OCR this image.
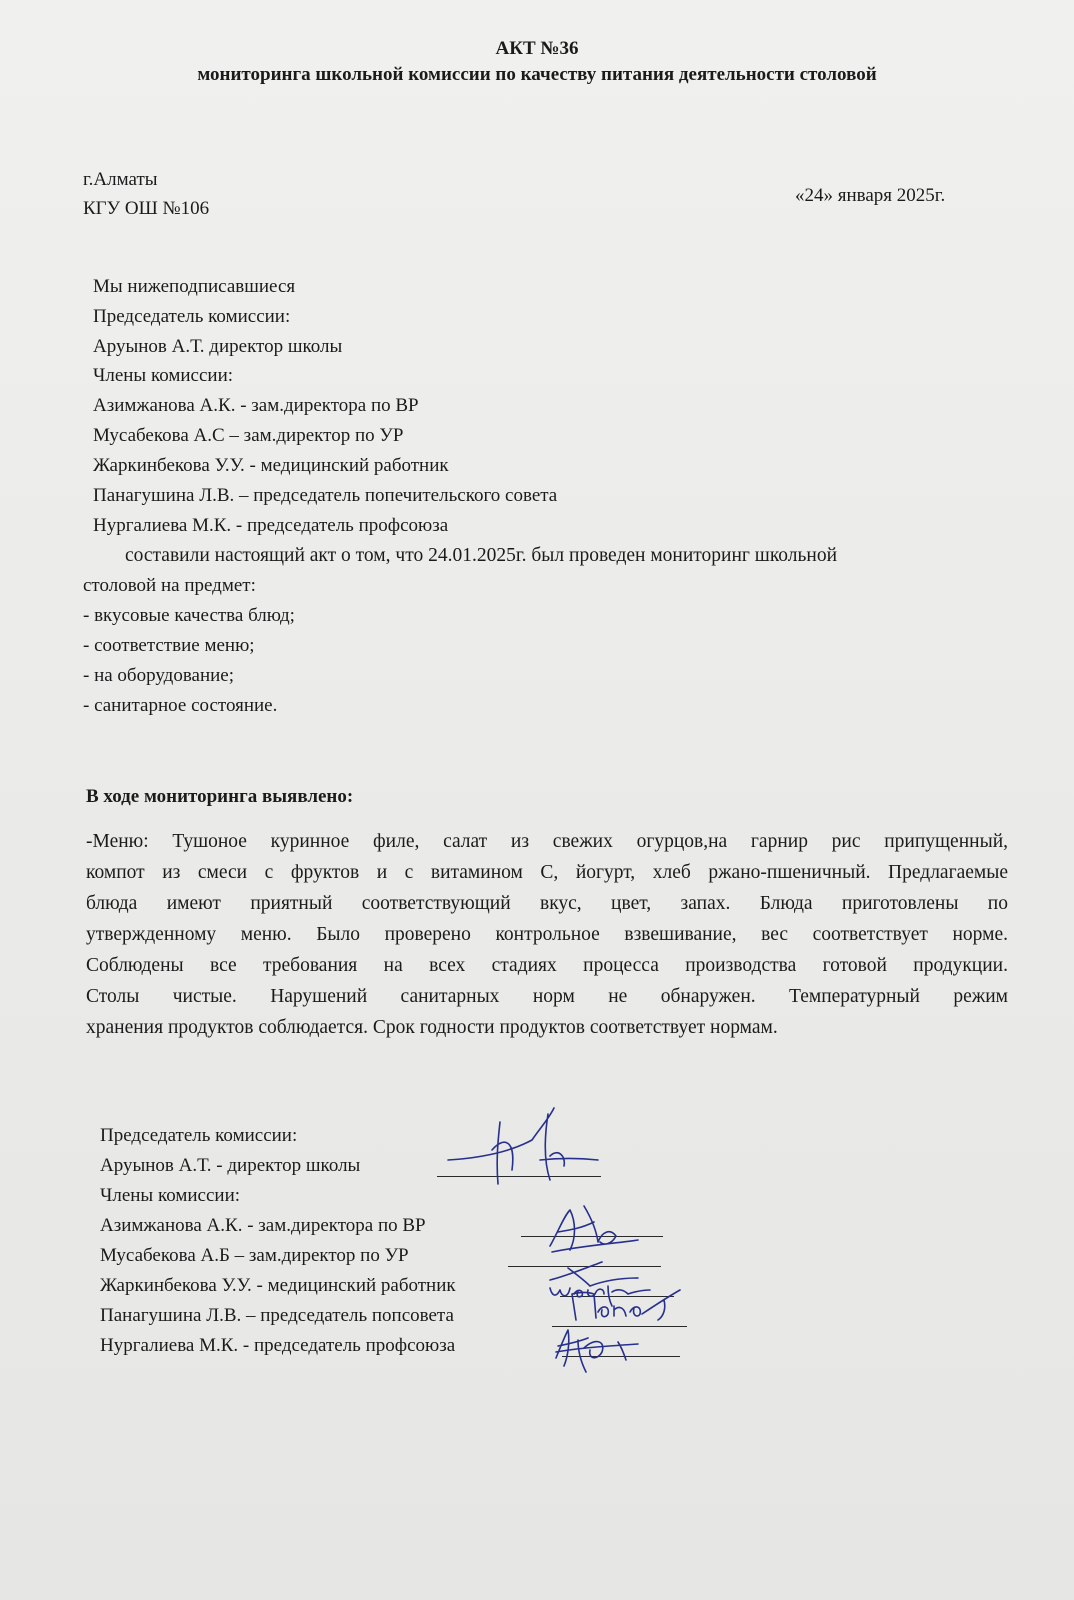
АКТ №36
мониторинга школьной комиссии по качеству питания деятельности столовой
г.Алматы
КГУ ОШ №106
«24» января 2025г.
Мы нижеподписавшиеся
Председатель комиссии:
Аруынов А.Т. директор школы
Члены комиссии:
Азимжанова А.К. - зам.директора по ВР
Мусабекова А.С – зам.директор по УР
Жаркинбекова У.У. - медицинский работник
Панагушина Л.В. – председатель попечительского совета
Нургалиева М.К. - председатель профсоюза
составили настоящий акт о том, что 24.01.2025г. был проведен мониторинг школьной
столовой на предмет:
- вкусовые качества блюд;
- соответствие меню;
- на оборудование;
- санитарное состояние.
В ходе мониторинга выявлено:
-Меню: Тушоное куринное филе, салат из свежих огурцов,на гарнир рис припущенный,
компот из смеси с фруктов и с витамином С, йогурт, хлеб ржано-пшеничный. Предлагаемые
блюда имеют приятный соответствующий вкус, цвет, запах. Блюда приготовлены по
утвержденному меню. Было проверено контрольное взвешивание, вес соответствует норме.
Соблюдены все требования на всех стадиях процесса производства готовой продукции.
Столы чистые. Нарушений санитарных норм не обнаружен. Температурный режим
хранения продуктов соблюдается. Срок годности продуктов соответствует нормам.
Председатель комиссии:
Аруынов А.Т. - директор школы
Члены комиссии:
Азимжанова А.К. - зам.директора по ВР
Мусабекова А.Б – зам.директор по УР
Жаркинбекова У.У. - медицинский работник
Панагушина Л.В. – председатель попсовета
Нургалиева М.К. - председатель профсоюза
